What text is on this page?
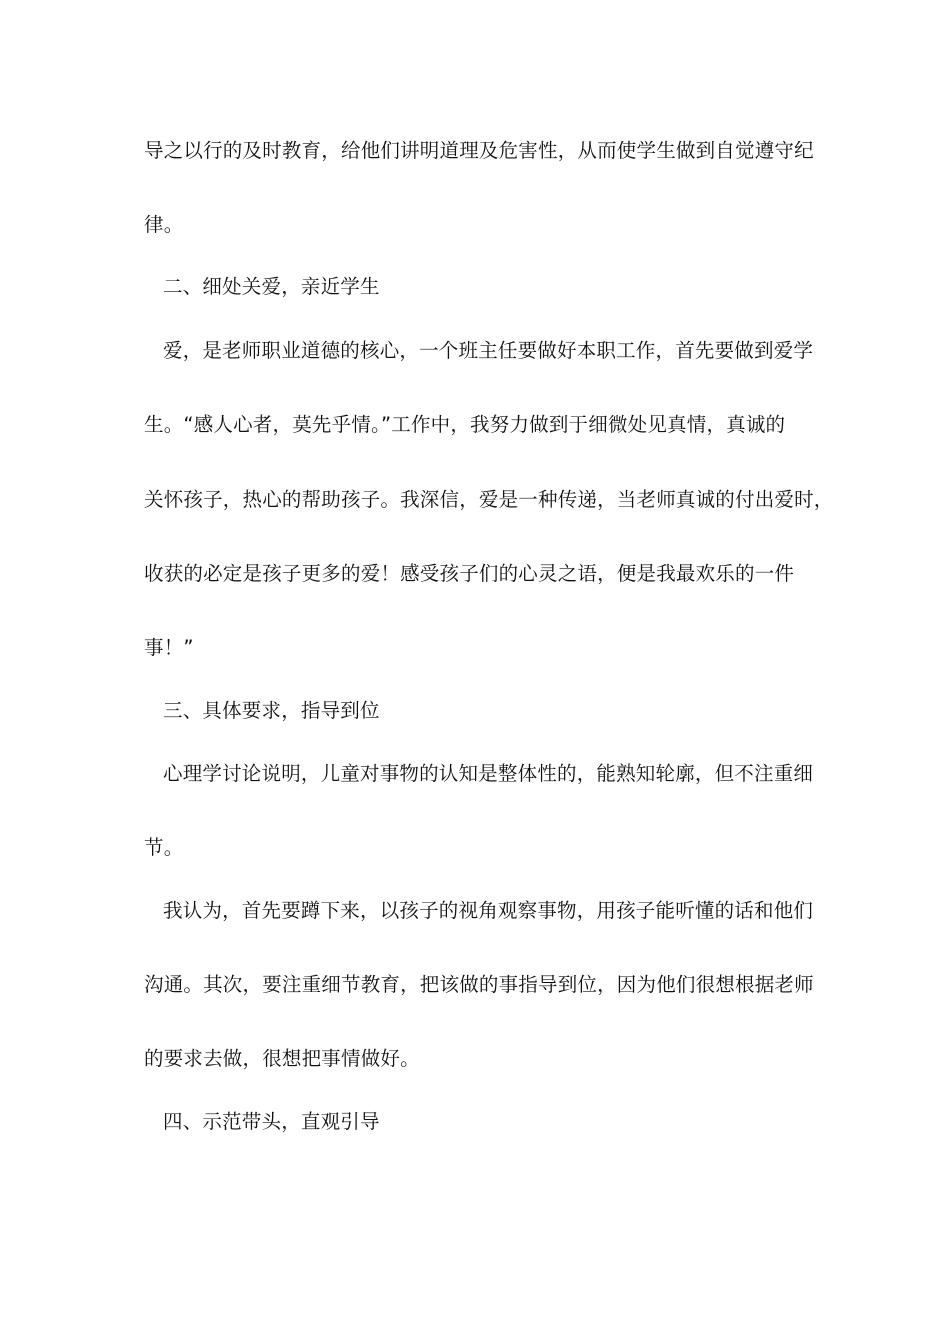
导之以行的及时教育，给他们讲明道理及危害性，从而使学生做到自觉遵守纪
律。
二、细处关爱，亲近学生
爱，是老师职业道德的核心，一个班主任要做好本职工作，首先要做到爱学
生。“感人心者，莫先乎情。”工作中，我努力做到于细微处见真情，真诚的
关怀孩子，热心的帮助孩子。我深信，爱是一种传递，当老师真诚的付出爱时，
收获的必定是孩子更多的爱！感受孩子们的心灵之语，便是我最欢乐的一件
事！”
三、具体要求，指导到位
心理学讨论说明，儿童对事物的认知是整体性的，能熟知轮廓，但不注重细
节。
我认为，首先要蹲下来，以孩子的视角观察事物，用孩子能听懂的话和他们
沟通。其次，要注重细节教育，把该做的事指导到位，因为他们很想根据老师
的要求去做，很想把事情做好。
四、示范带头，直观引导
